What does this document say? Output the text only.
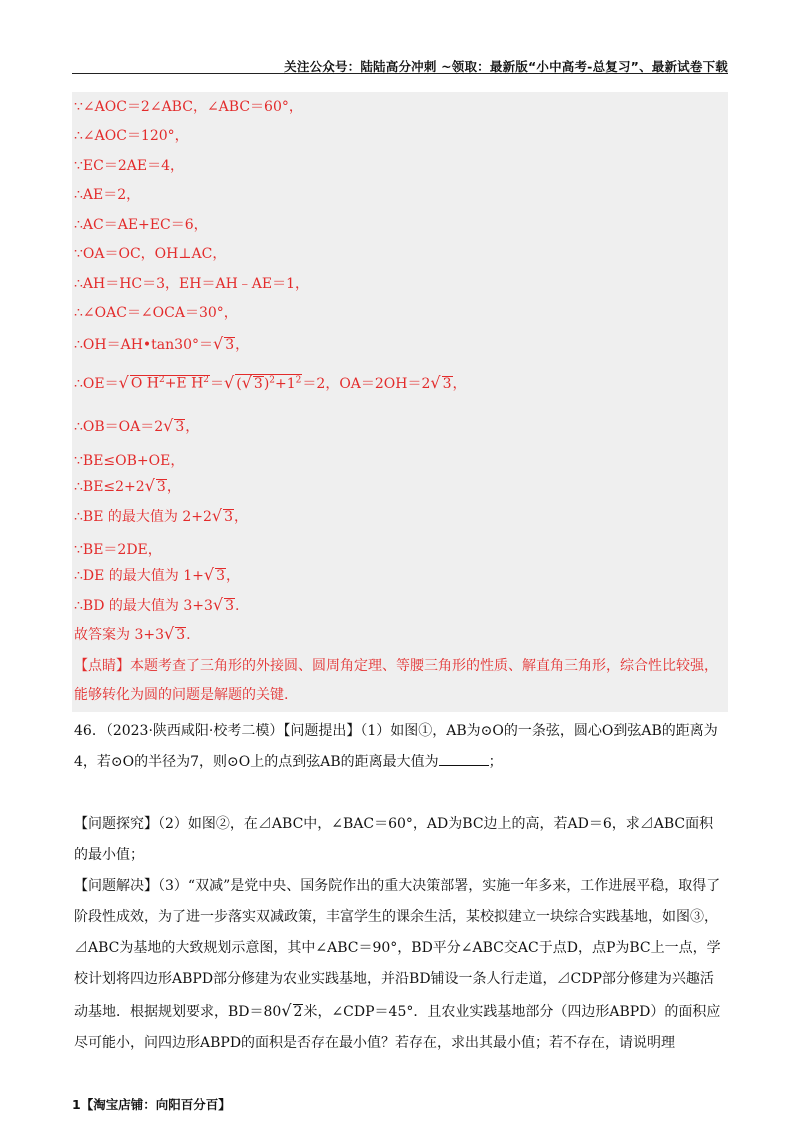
关注公众号：陆陆高分冲刺 ~领取：最新版“小中高考-总复习”、最新试卷下载
∵∠AOC＝2∠ABC，∠ABC＝60°，
∴∠AOC＝120°，
∵EC＝2AE＝4，
∴AE＝2，
∴AC＝AE+EC＝6，
∵OA＝OC，OH⊥AC，
∴AH＝HC＝3，EH＝AH﹣AE＝1，
∴∠OAC＝∠OCA＝30°，
∴OH＝AH•tan30°＝√ 3，
∴OE＝√ O $H^2+E$ $H^2=√$ (√ $3)^2+1^2=2$，OA＝2OH＝2√ 3，
∴OB＝OA＝2√ 3，
∵BE≤OB+OE，
∴BE≤2+2√ 3，
∴BE 的最大值为 2+2√ 3，
∵BE＝2DE，
∴DE 的最大值为 1+√ 3，
∴BD 的最大值为 3+3√ 3.
故答案为 3+3√ 3.
【点睛】本题考查了三角形的外接圆、圆周角定理、等腰三角形的性质、解直角三角形，综合性比较强，能够转化为圆的问题是解题的关键.
46．（2023·陕西咸阳·校考二模）【问题提出】（1）如图①，AB为⊙O的一条弦，圆心O到弦AB的距离为4，若⊙O的半径为7，则⊙O上的点到弦AB的距离最大值为	；
【问题探究】（2）如图②，在⊿ABC中，∠BAC＝60°，AD为BC边上的高，若AD＝6，求⊿ABC面积的最小值；
【问题解决】（3）“双减”是党中央、国务院作出的重大决策部署，实施一年多来，工作进展平稳，取得了阶段性成效，为了进一步落实双减政策，丰富学生的课余生活，某校拟建立一块综合实践基地，如图③，⊿ABC为基地的大致规划示意图，其中∠ABC＝90°，BD平分∠ABC交AC于点D，点P为BC上一点，学校计划将四边形ABPD部分修建为农业实践基地，并沿BD铺设一条人行走道，⊿CDP部分修建为兴趣活动基地．根据规划要求，BD＝80√ 2米，∠CDP＝45°．且农业实践基地部分（四边形ABPD）的面积应尽可能小，问四边形ABPD的面积是否存在最小值？若存在，求出其最小值；若不存在，请说明理
1【淘宝店铺：向阳百分百】
